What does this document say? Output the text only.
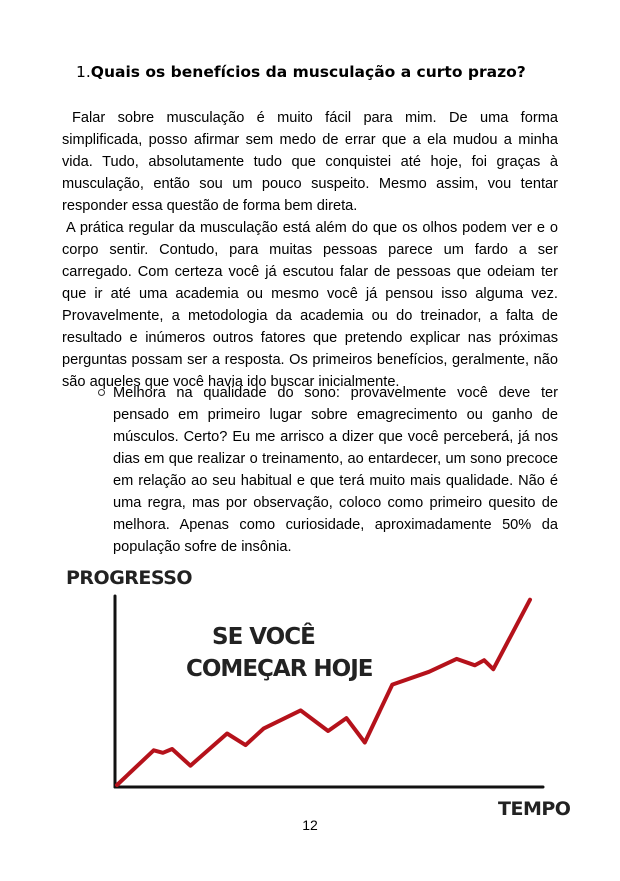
1.Quais os benefícios da musculação a curto prazo?

Falar sobre musculação é muito fácil para mim. De uma forma simplificada, posso afirmar sem medo de errar que a ela mudou a minha vida. Tudo, absolutamente tudo que conquistei até hoje, foi graças à musculação, então sou um pouco suspeito. Mesmo assim, vou tentar responder essa questão de forma bem direta.

A prática regular da musculação está além do que os olhos podem ver e o corpo sentir. Contudo, para muitas pessoas parece um fardo a ser carregado. Com certeza você já escutou falar de pessoas que odeiam ter que ir até uma academia ou mesmo você já pensou isso alguma vez. Provavelmente, a metodologia da academia ou do treinador, a falta de resultado e inúmeros outros fatores que pretendo explicar nas próximas perguntas possam ser a resposta. Os primeiros benefícios, geralmente, não são aqueles que você havia ido buscar inicialmente.

Melhora na qualidade do sono: provavelmente você deve ter pensado em primeiro lugar sobre emagrecimento ou ganho de músculos. Certo? Eu me arrisco a dizer que você perceberá, já nos dias em que realizar o treinamento, ao entardecer, um sono precoce em relação ao seu habitual e que terá muito mais qualidade. Não é uma regra, mas por observação, coloco como primeiro quesito de melhora. Apenas como curiosidade, aproximadamente 50% da população sofre de insônia.

PROGRESSO
SE VOCÊ
COMEÇAR HOJE
TEMPO
12
